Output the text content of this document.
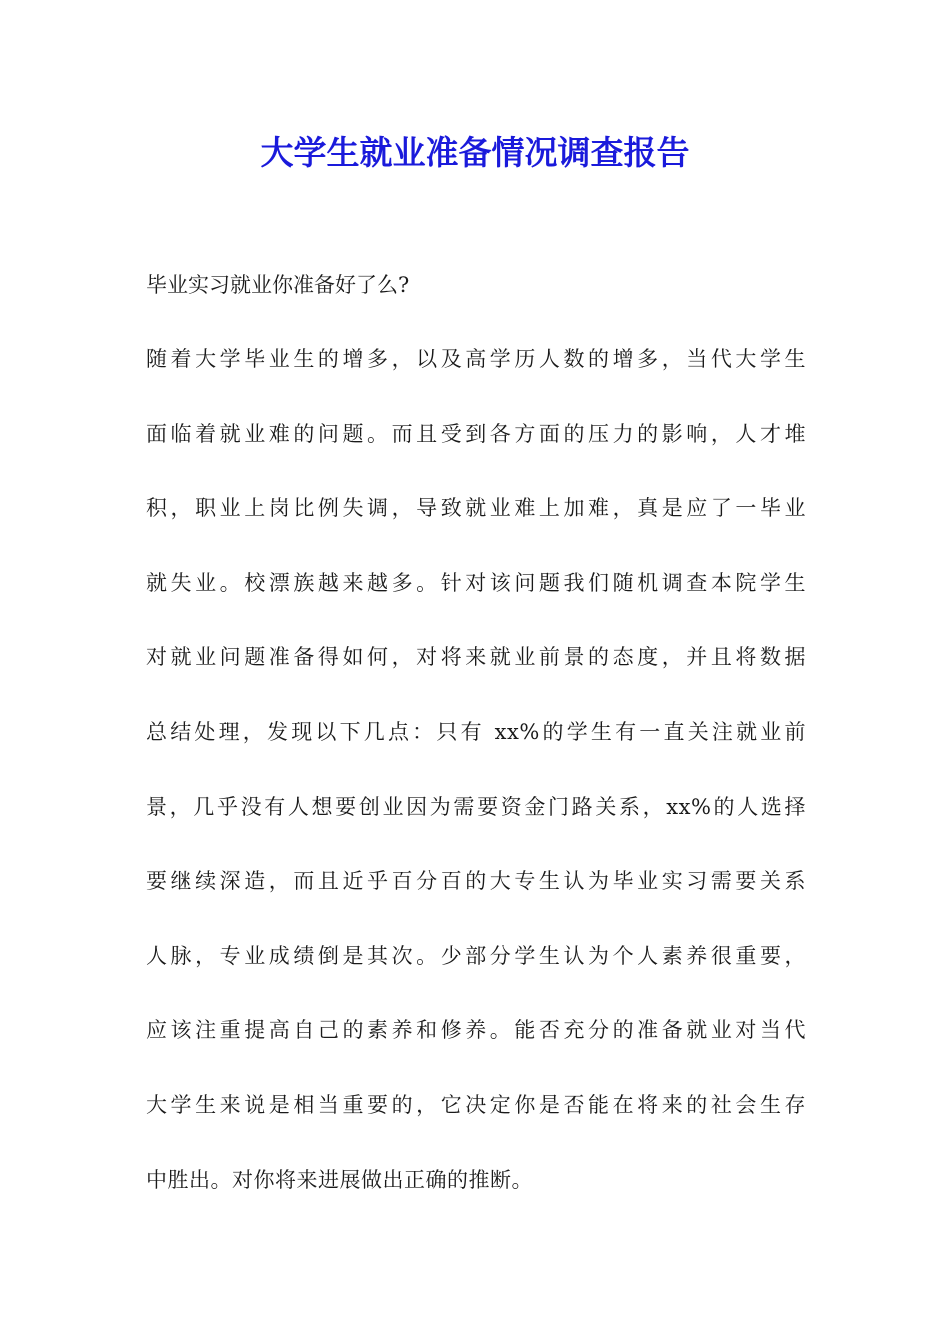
大学生就业准备情况调查报告
毕业实习就业你准备好了么?
随着大学毕业生的增多，以及高学历人数的增多，当代大学生
面临着就业难的问题。而且受到各方面的压力的影响，人才堆
积，职业上岗比例失调，导致就业难上加难，真是应了一毕业
就失业。校漂族越来越多。针对该问题我们随机调查本院学生
对就业问题准备得如何，对将来就业前景的态度，并且将数据
总结处理，发现以下几点：只有 xx%的学生有一直关注就业前
景，几乎没有人想要创业因为需要资金门路关系，xx%的人选择
要继续深造，而且近乎百分百的大专生认为毕业实习需要关系
人脉，专业成绩倒是其次。少部分学生认为个人素养很重要，
应该注重提高自己的素养和修养。能否充分的准备就业对当代
大学生来说是相当重要的，它决定你是否能在将来的社会生存
中胜出。对你将来进展做出正确的推断。
